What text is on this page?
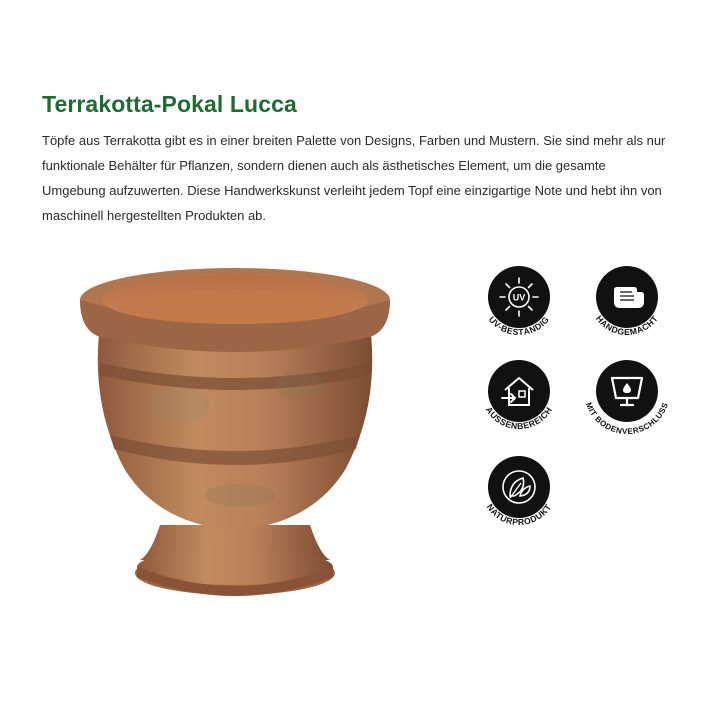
Terrakotta-Pokal Lucca

Töpfe aus Terrakotta gibt es in einer breiten Palette von Designs, Farben und Mustern. Sie sind mehr als nur funktionale Behälter für Pflanzen, sondern dienen auch als ästhetisches Element, um die gesamte Umgebung aufzuwerten. Diese Handwerkskunst verleiht jedem Topf eine einzigartige Note und hebt ihn von maschinell hergestellten Produkten ab.

UV
UV-BESTÄNDIG	HANDGEMACHT
AUSSENBEREICH	MIT BODENVERSCHLUSS
NATURPRODUKT
